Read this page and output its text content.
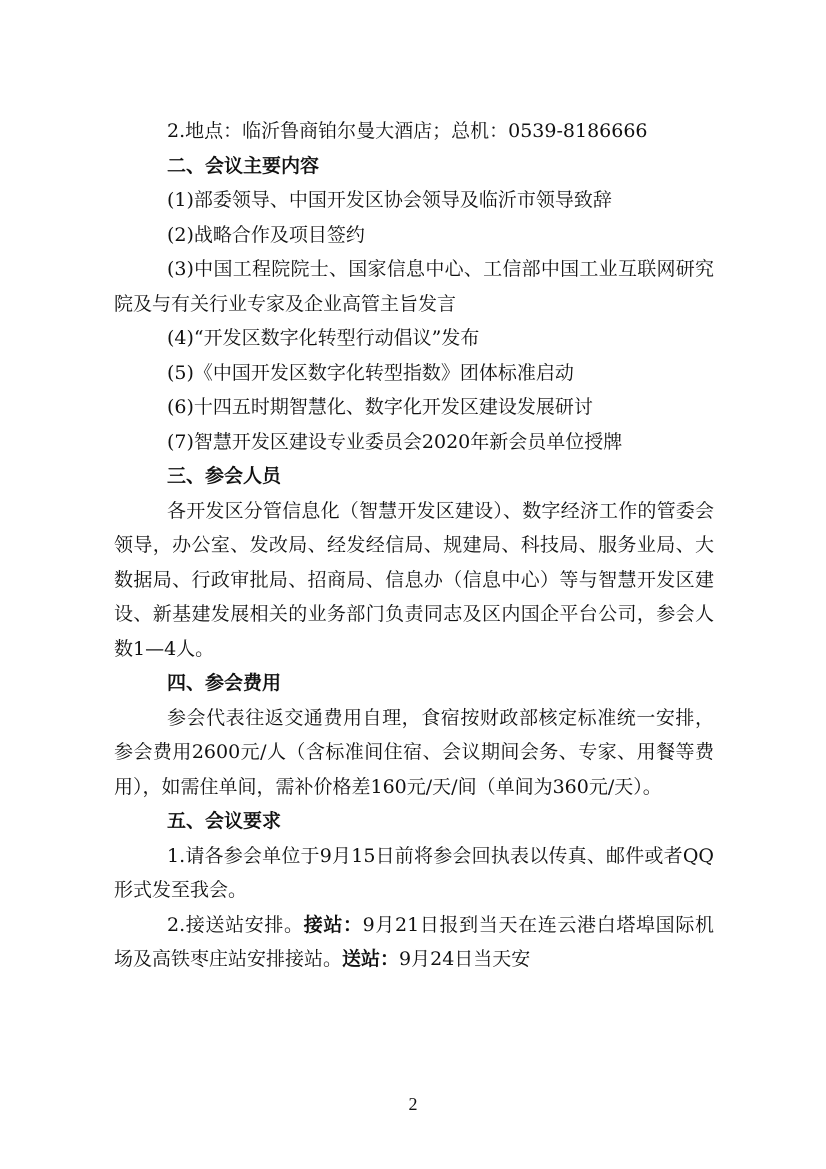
2.地点：临沂鲁商铂尔曼大酒店；总机：0539-8186666

二、会议主要内容

(1)部委领导、中国开发区协会领导及临沂市领导致辞

(2)战略合作及项目签约

(3)中国工程院院士、国家信息中心、工信部中国工业互联网研究院及与有关行业专家及企业高管主旨发言

(4)“开发区数字化转型行动倡议”发布

(5)《中国开发区数字化转型指数》团体标准启动

(6)十四五时期智慧化、数字化开发区建设发展研讨

(7)智慧开发区建设专业委员会2020年新会员单位授牌

三、参会人员

各开发区分管信息化（智慧开发区建设）、数字经济工作的管委会领导，办公室、发改局、经发经信局、规建局、科技局、服务业局、大数据局、行政审批局、招商局、信息办（信息中心）等与智慧开发区建设、新基建发展相关的业务部门负责同志及区内国企平台公司，参会人数1—4人。

四、参会费用

参会代表往返交通费用自理，食宿按财政部核定标准统一安排，参会费用2600元/人（含标准间住宿、会议期间会务、专家、用餐等费用），如需住单间，需补价格差160元/天/间（单间为360元/天）。

五、会议要求

1.请各参会单位于9月15日前将参会回执表以传真、邮件或者QQ形式发至我会。

2.接送站安排。接站：9月21日报到当天在连云港白塔埠国际机场及高铁枣庄站安排接站。送站：9月24日当天安

2
